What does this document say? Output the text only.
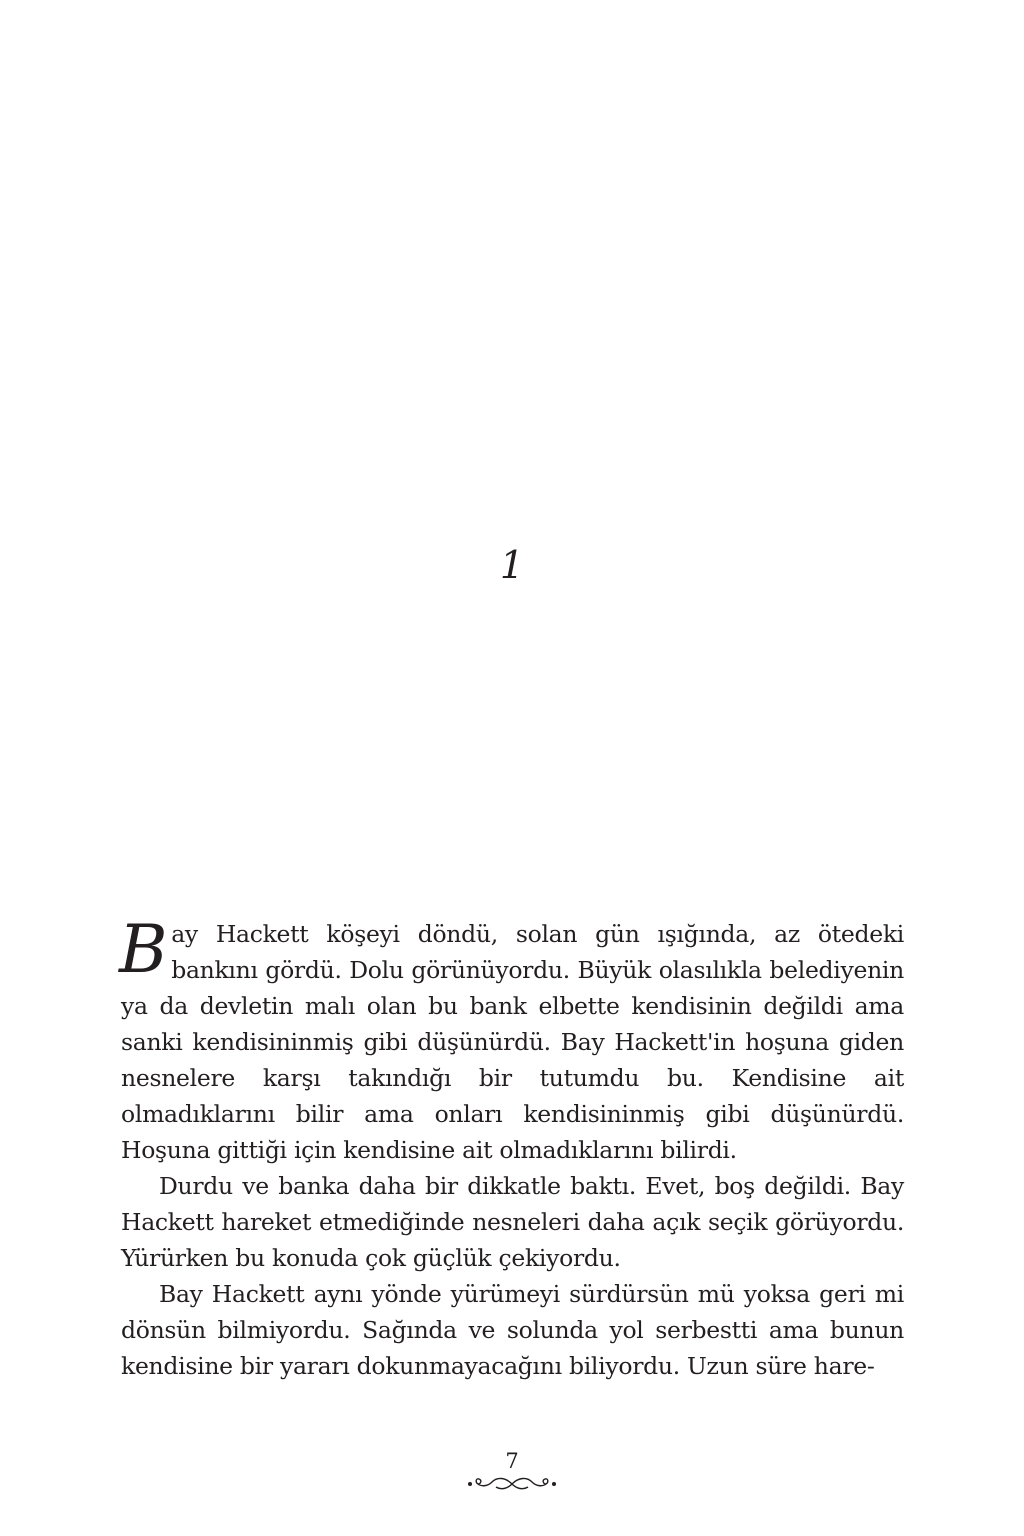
1

Bay Hackett köşeyi döndü, solan gün ışığında, az ötedeki bankını gördü. Dolu görünüyordu. Büyük olasılıkla belediyenin ya da devletin malı olan bu bank elbette kendisinin değildi ama sanki kendisininmiş gibi düşünürdü. Bay Hackett'in hoşuna giden nesnelere karşı takındığı bir tutumdu bu. Kendisine ait olmadıklarını bilir ama onları kendisininmiş gibi düşünürdü. Hoşuna gittiği için kendisine ait olmadıklarını bilirdi.

Durdu ve banka daha bir dikkatle baktı. Evet, boş değildi. Bay Hackett hareket etmediğinde nesneleri daha açık seçik görüyordu. Yürürken bu konuda çok güçlük çekiyordu.

Bay Hackett aynı yönde yürümeyi sürdürsün mü yoksa geri mi dönsün bilmiyordu. Sağında ve solunda yol serbestti ama bunun kendisine bir yararı dokunmayacağını biliyordu. Uzun süre hare-

7
